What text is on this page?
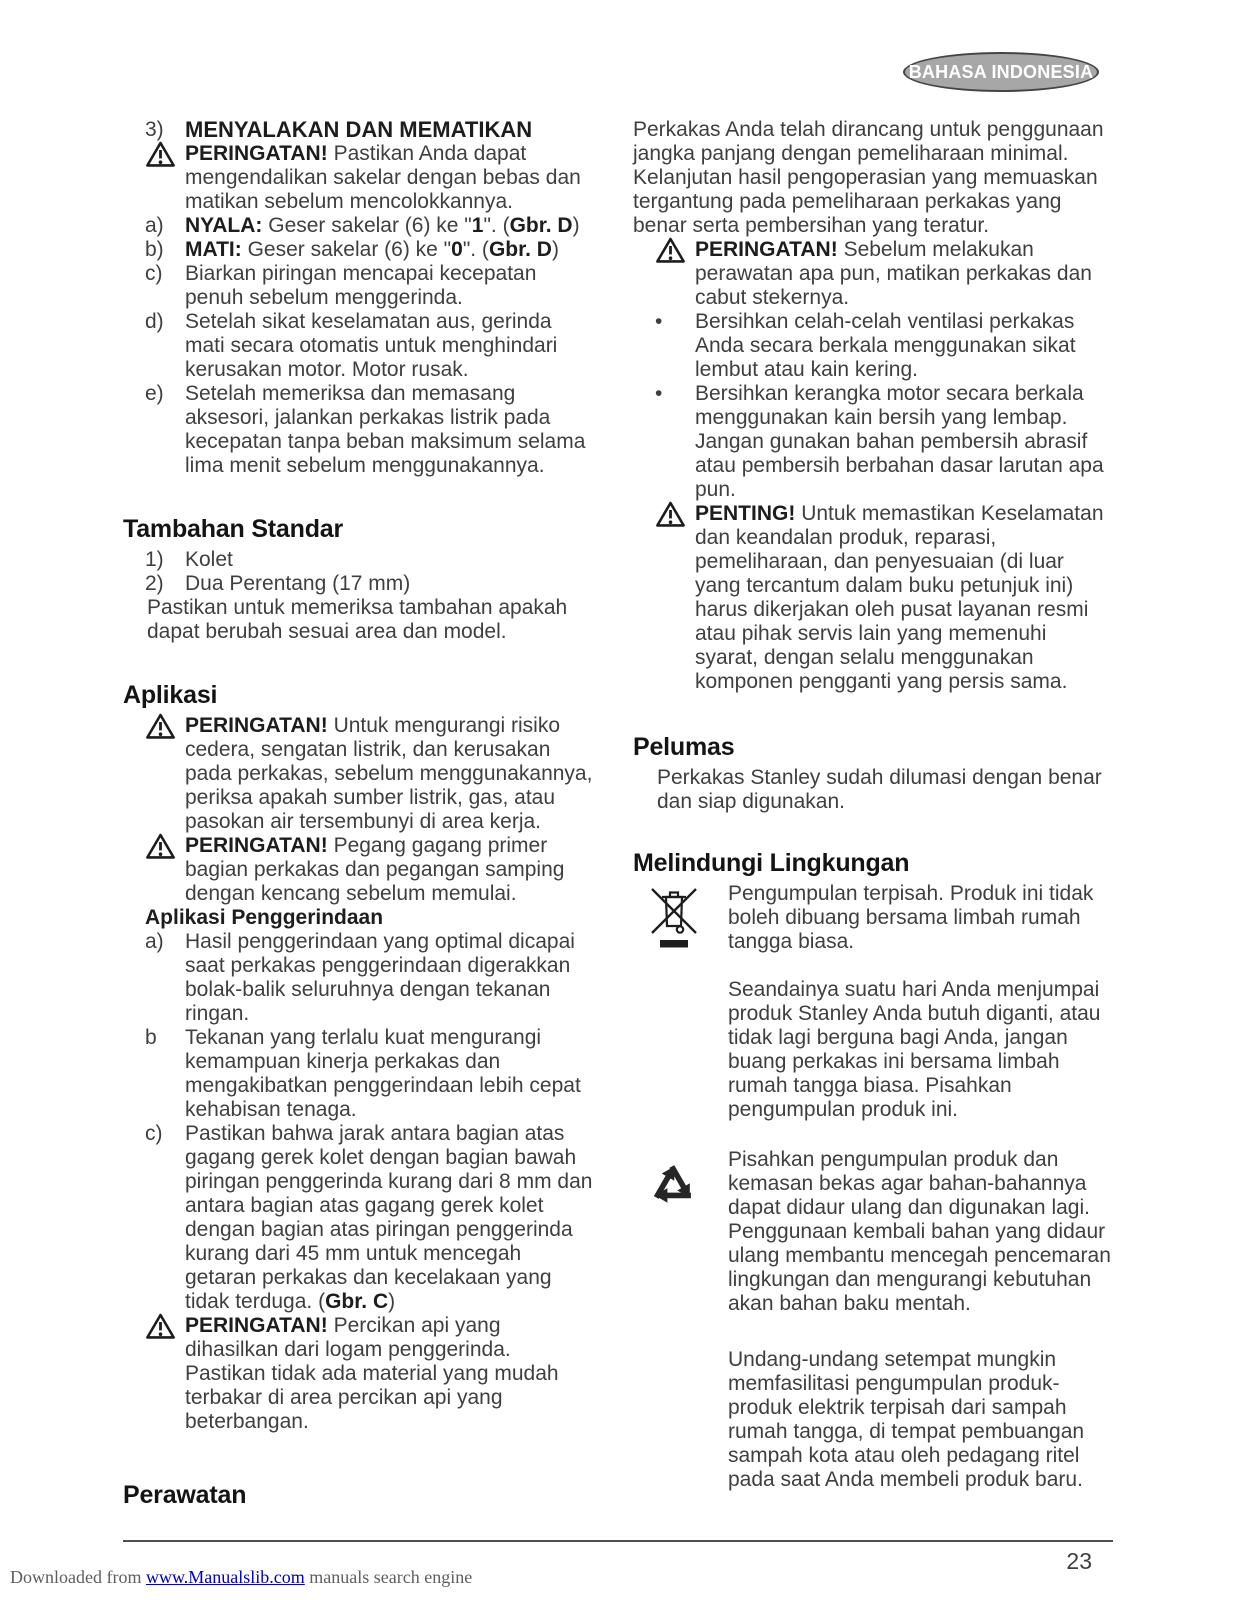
BAHASA INDONESIA
3) MENYALAKAN DAN MEMATIKAN
PERINGATAN! Pastikan Anda dapat mengendalikan sakelar dengan bebas dan matikan sebelum mencolokkannya.
a)	NYALA: Geser sakelar (6) ke "1". (Gbr. D)
b)	MATI: Geser sakelar (6) ke "0". (Gbr. D)
c)	Biarkan piringan mencapai kecepatan penuh sebelum menggerinda.
d)	Setelah sikat keselamatan aus, gerinda mati secara otomatis untuk menghindari kerusakan motor. Motor rusak.
e)	Setelah memeriksa dan memasang aksesori, jalankan perkakas listrik pada kecepatan tanpa beban maksimum selama lima menit sebelum menggunakannya.
Tambahan Standar
1)	Kolet
2)	Dua Perentang (17 mm)
Pastikan untuk memeriksa tambahan apakah dapat berubah sesuai area dan model.
Aplikasi
PERINGATAN! Untuk mengurangi risiko cedera, sengatan listrik, dan kerusakan pada perkakas, sebelum menggunakannya, periksa apakah sumber listrik, gas, atau pasokan air tersembunyi di area kerja.
PERINGATAN! Pegang gagang primer bagian perkakas dan pegangan samping dengan kencang sebelum memulai.
Aplikasi Penggerindaan
a)	Hasil penggerindaan yang optimal dicapai saat perkakas penggerindaan digerakkan bolak-balik seluruhnya dengan tekanan ringan.
b	Tekanan yang terlalu kuat mengurangi kemampuan kinerja perkakas dan mengakibatkan penggerindaan lebih cepat kehabisan tenaga.
c)	Pastikan bahwa jarak antara bagian atas gagang gerek kolet dengan bagian bawah piringan penggerinda kurang dari 8 mm dan antara bagian atas gagang gerek kolet dengan bagian atas piringan penggerinda kurang dari 45 mm untuk mencegah getaran perkakas dan kecelakaan yang tidak terduga. (Gbr. C)
PERINGATAN! Percikan api yang dihasilkan dari logam penggerinda. Pastikan tidak ada material yang mudah terbakar di area percikan api yang beterbangan.
Perawatan
Perkakas Anda telah dirancang untuk penggunaan jangka panjang dengan pemeliharaan minimal. Kelanjutan hasil pengoperasian yang memuaskan tergantung pada pemeliharaan perkakas yang benar serta pembersihan yang teratur.
PERINGATAN! Sebelum melakukan perawatan apa pun, matikan perkakas dan cabut stekernya.
•	Bersihkan celah-celah ventilasi perkakas Anda secara berkala menggunakan sikat lembut atau kain kering.
•	Bersihkan kerangka motor secara berkala menggunakan kain bersih yang lembap. Jangan gunakan bahan pembersih abrasif atau pembersih berbahan dasar larutan apa pun.
PENTING! Untuk memastikan Keselamatan dan keandalan produk, reparasi, pemeliharaan, dan penyesuaian (di luar yang tercantum dalam buku petunjuk ini) harus dikerjakan oleh pusat layanan resmi atau pihak servis lain yang memenuhi syarat, dengan selalu menggunakan komponen pengganti yang persis sama.
Pelumas
Perkakas Stanley sudah dilumasi dengan benar dan siap digunakan.
Melindungi Lingkungan
Pengumpulan terpisah. Produk ini tidak boleh dibuang bersama limbah rumah tangga biasa.
Seandainya suatu hari Anda menjumpai produk Stanley Anda butuh diganti, atau tidak lagi berguna bagi Anda, jangan buang perkakas ini bersama limbah rumah tangga biasa. Pisahkan pengumpulan produk ini.
Pisahkan pengumpulan produk dan kemasan bekas agar bahan-bahannya dapat didaur ulang dan digunakan lagi. Penggunaan kembali bahan yang didaur ulang membantu mencegah pencemaran lingkungan dan mengurangi kebutuhan akan bahan baku mentah.
Undang-undang setempat mungkin memfasilitasi pengumpulan produk-produk elektrik terpisah dari sampah rumah tangga, di tempat pembuangan sampah kota atau oleh pedagang ritel pada saat Anda membeli produk baru.
23
Downloaded from www.Manualslib.com manuals search engine
